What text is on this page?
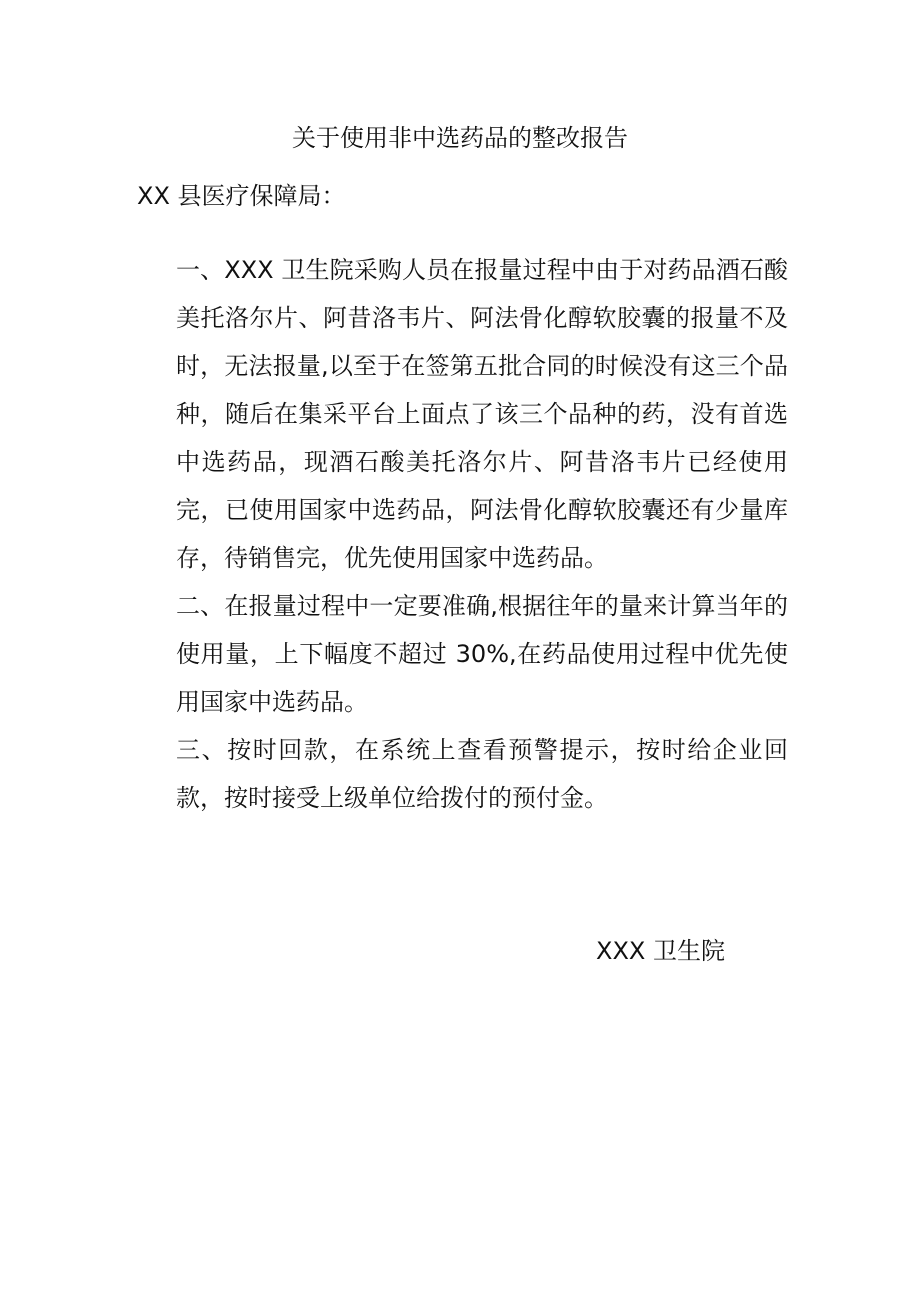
关于使用非中选药品的整改报告
XX 县医疗保障局：

一、XXX 卫生院采购人员在报量过程中由于对药品酒石酸美托洛尔片、阿昔洛韦片、阿法骨化醇软胶囊的报量不及时，无法报量,以至于在签第五批合同的时候没有这三个品种，随后在集采平台上面点了该三个品种的药，没有首选中选药品，现酒石酸美托洛尔片、阿昔洛韦片已经使用完，已使用国家中选药品，阿法骨化醇软胶囊还有少量库存，待销售完，优先使用国家中选药品。

二、在报量过程中一定要准确,根据往年的量来计算当年的使用量，上下幅度不超过 30%,在药品使用过程中优先使用国家中选药品。

三、按时回款，在系统上查看预警提示，按时给企业回款，按时接受上级单位给拨付的预付金。

XXX 卫生院
